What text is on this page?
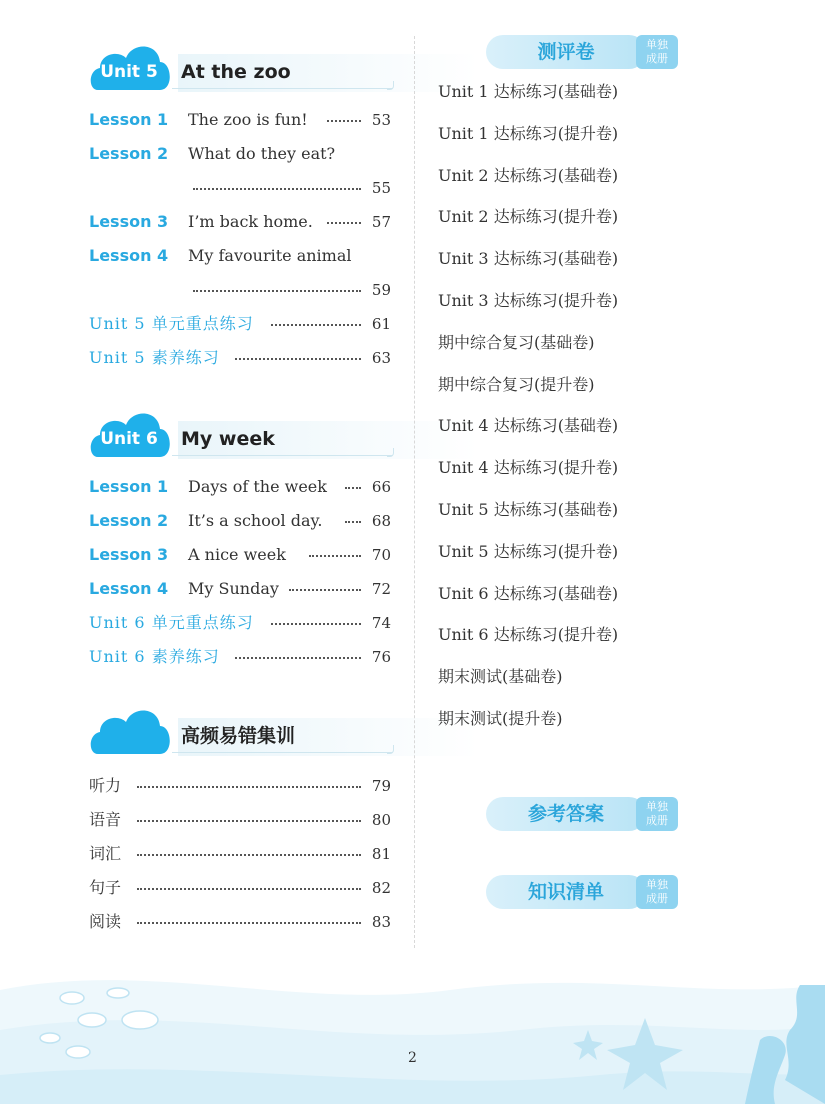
Unit 5	At the zoo
Lesson 1 The zoo is fun!	53
Lesson 2 What do they eat?
55
Lesson 3 I’m back home.	57
Lesson 4 My favourite animal
59
Unit 5 单元重点练习	61
Unit 5 素养练习	63
Unit 6	My week
Lesson 1 Days of the week	66
Lesson 2 It’s a school day.	68
Lesson 3 A nice week	70
Lesson 4 My Sunday	72
Unit 6 单元重点练习	74
Unit 6 素养练习	76
高频易错集训
听力	79
语音	80
词汇	81
句子	82
阅读	83
测评卷	单独
成册
Unit 1 达标练习(基础卷)
Unit 1 达标练习(提升卷)
Unit 2 达标练习(基础卷)
Unit 2 达标练习(提升卷)
Unit 3 达标练习(基础卷)
Unit 3 达标练习(提升卷)
期中综合复习(基础卷)
期中综合复习(提升卷)
Unit 4 达标练习(基础卷)
Unit 4 达标练习(提升卷)
Unit 5 达标练习(基础卷)
Unit 5 达标练习(提升卷)
Unit 6 达标练习(基础卷)
Unit 6 达标练习(提升卷)
期末测试(基础卷)
期末测试(提升卷)
参考答案	单独
成册
知识清单	单独
成册
2
